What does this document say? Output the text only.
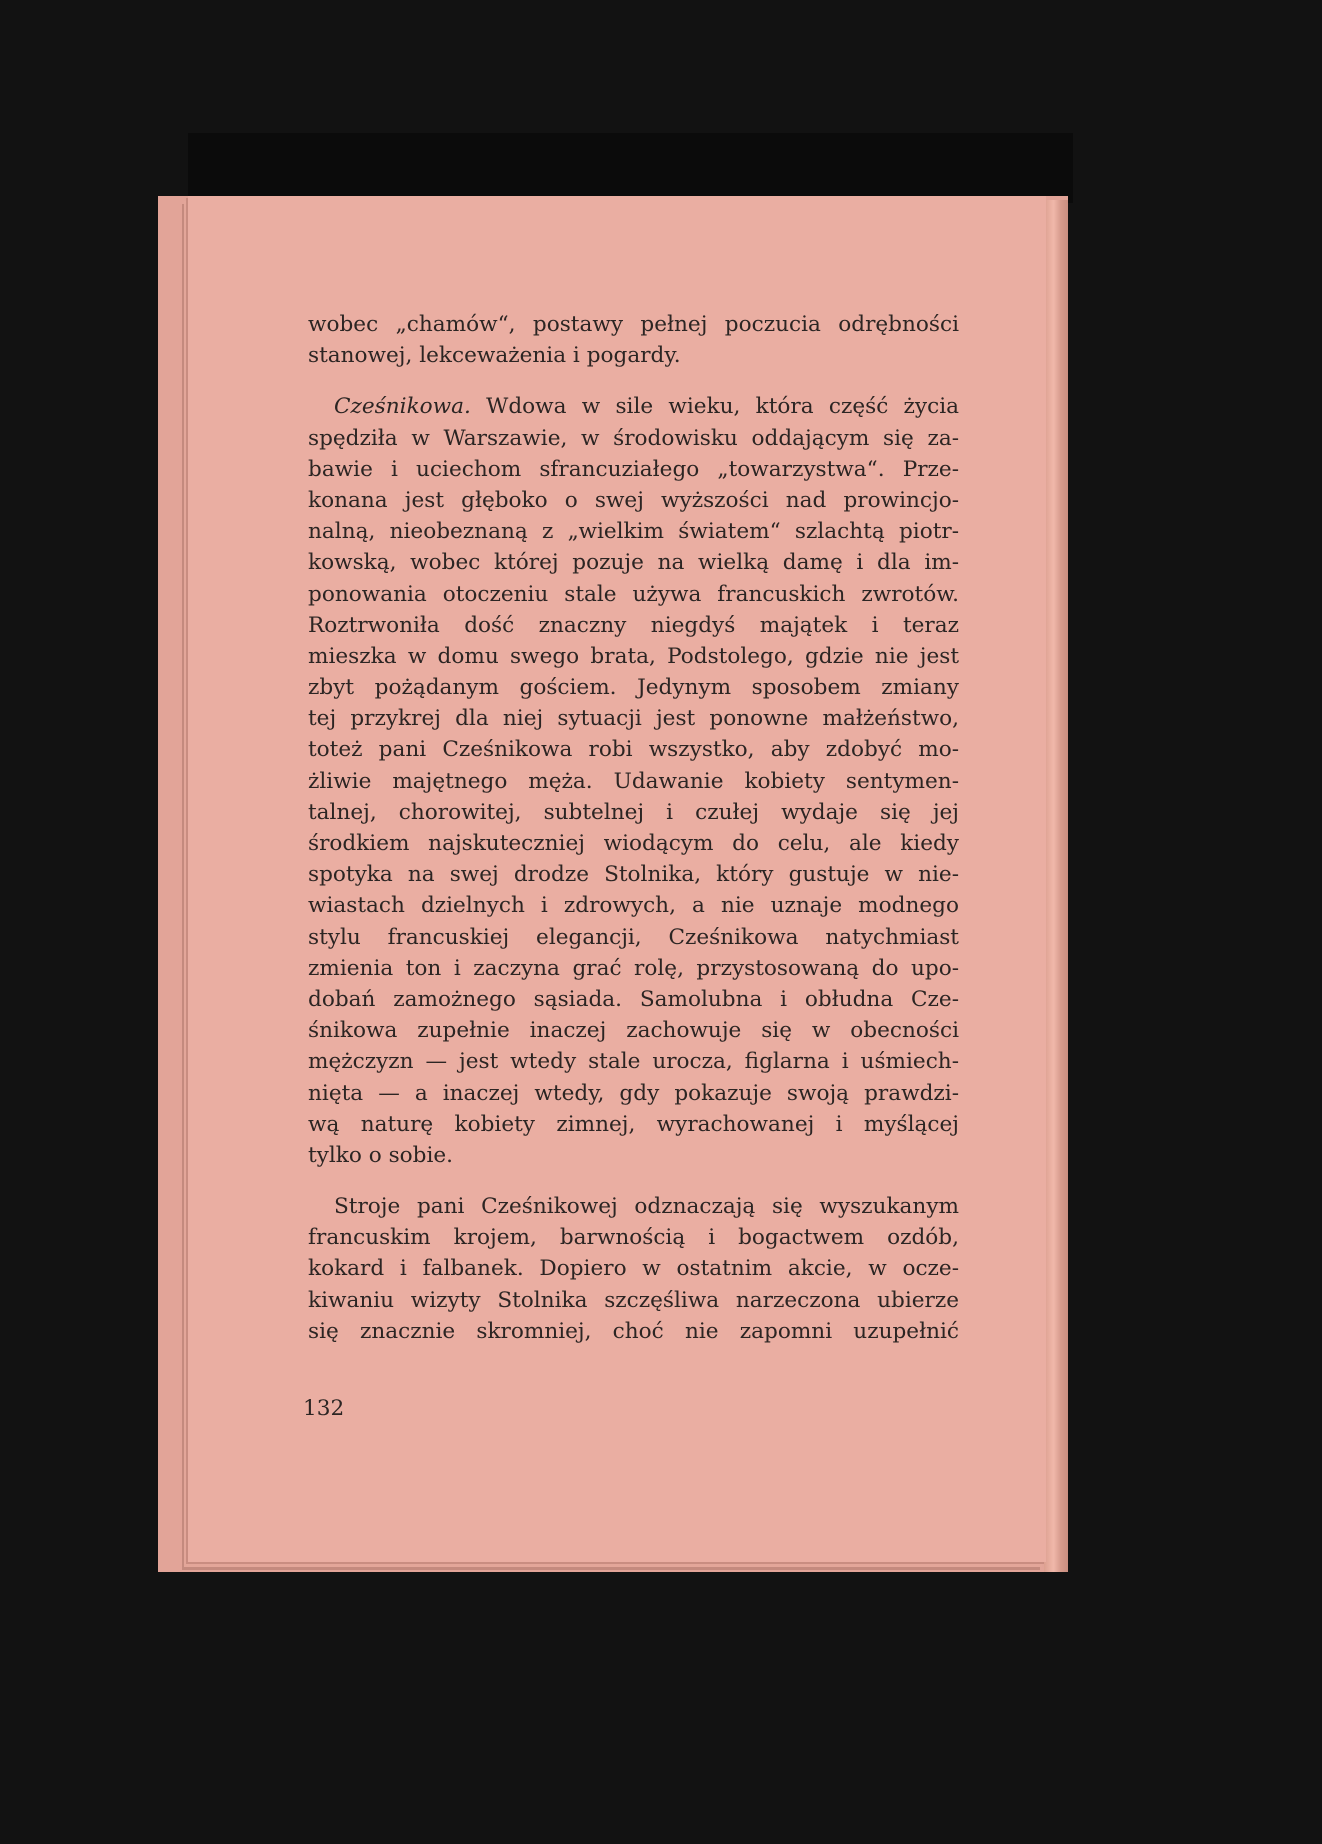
wobec „chamów“, postawy pełnej poczucia odrębności
stanowej, lekceważenia i pogardy.
Cześnikowa. Wdowa w sile wieku, która część życia
spędziła w Warszawie, w środowisku oddającym się za-
bawie i uciechom sfrancuziałego „towarzystwa“. Prze-
konana jest głęboko o swej wyższości nad prowincjo-
nalną, nieobeznaną z „wielkim światem“ szlachtą piotr-
kowską, wobec której pozuje na wielką damę i dla im-
ponowania otoczeniu stale używa francuskich zwrotów.
Roztrwoniła dość znaczny niegdyś majątek i teraz
mieszka w domu swego brata, Podstolego, gdzie nie jest
zbyt pożądanym gościem. Jedynym sposobem zmiany
tej przykrej dla niej sytuacji jest ponowne małżeństwo,
toteż pani Cześnikowa robi wszystko, aby zdobyć mo-
żliwie majętnego męża. Udawanie kobiety sentymen-
talnej, chorowitej, subtelnej i czułej wydaje się jej
środkiem najskuteczniej wiodącym do celu, ale kiedy
spotyka na swej drodze Stolnika, który gustuje w nie-
wiastach dzielnych i zdrowych, a nie uznaje modnego
stylu francuskiej elegancji, Cześnikowa natychmiast
zmienia ton i zaczyna grać rolę, przystosowaną do upo-
dobań zamożnego sąsiada. Samolubna i obłudna Cze-
śnikowa zupełnie inaczej zachowuje się w obecności
mężczyzn — jest wtedy stale urocza, figlarna i uśmiech-
nięta — a inaczej wtedy, gdy pokazuje swoją prawdzi-
wą naturę kobiety zimnej, wyrachowanej i myślącej
tylko o sobie.
Stroje pani Cześnikowej odznaczają się wyszukanym
francuskim krojem, barwnością i bogactwem ozdób,
kokard i falbanek. Dopiero w ostatnim akcie, w ocze-
kiwaniu wizyty Stolnika szczęśliwa narzeczona ubierze
się znacznie skromniej, choć nie zapomni uzupełnić
132
